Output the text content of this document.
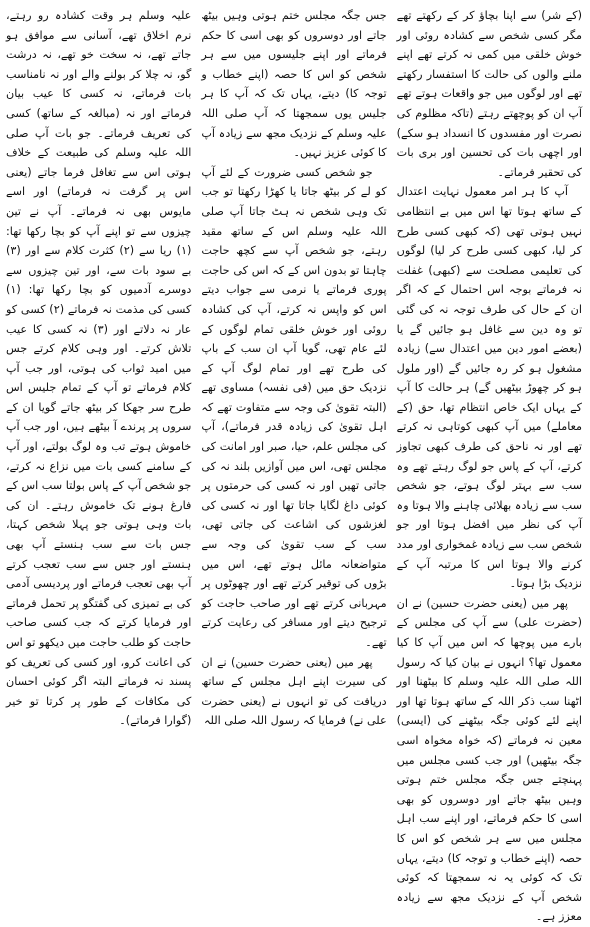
(کے شر) سے اپنا بچاؤ کر کے رکھتے تھے مگر کسی شخص سے کشادہ روئی اور خوش خلقی میں کمی نہ کرتے تھے اپنے ملنے والوں کی حالت کا استفسار رکھتے تھے اور لوگوں میں جو واقعات ہوتے تھے آپ ان کو پوچھتے رہتے (تاکہ مظلوم کی نصرت اور مفسدوں کا انسداد ہو سکے) اور اچھی بات کی تحسین اور بری بات کی تحقیر فرماتے۔

آپ کا ہر امر معمول نہایت اعتدال کے ساتھ ہوتا تھا اس میں بے انتظامی نہیں ہوتی تھی (کہ کبھی کسی طرح کر لیا، کبھی کسی طرح کر لیا) لوگوں کی تعلیمی مصلحت سے (کبھی) غفلت نہ فرماتے بوجہ اس احتمال کے کہ اگر ان کے حال کی طرف توجہ نہ کی گئی تو وہ دین سے غافل ہو جائیں گے یا (بعضے امور دین میں اعتدال سے) زیادہ مشغول ہو کر رہ جائیں گے (اور ملول ہو کر چھوڑ بیٹھیں گے) ہر حالت کا آپ کے یہاں ایک خاص انتظام تھا، حق (کے معاملے) میں آپ کبھی کوتاہی نہ کرتے تھے اور نہ ناحق کی طرف کبھی تجاوز کرتے، آپ کے پاس جو لوگ رہتے تھے وہ سب سے بہتر لوگ ہوتے، جو شخص سب سے زیادہ بھلائی چاہنے والا ہوتا وہ آپ کی نظر میں افضل ہوتا اور جو شخص سب سے زیادہ غمخواری اور مدد کرنے والا ہوتا اس کا مرتبہ آپ کے نزدیک بڑا ہوتا۔

پھر میں (یعنی حضرت حسین) نے ان (حضرت علی) سے آپ کی مجلس کے بارے میں پوچھا کہ اس میں آپ کا کیا معمول تھا؟ انہوں نے بیان کیا کہ رسول اللہ صلی اللہ علیہ وسلم کا بیٹھنا اور اٹھنا سب ذکر اللہ کے ساتھ ہوتا تھا اور اپنے لئے کوئی جگہ بیٹھنے کی (ایسی) معین نہ فرماتے (کہ خواہ مخواہ اسی جگہ بیٹھیں) اور جب کسی مجلس میں پہنچتے جس جگہ مجلس ختم ہوتی وہیں بیٹھ جاتے اور دوسروں کو بھی اسی کا حکم فرماتے، اور اپنے سب اہل مجلس میں سے ہر شخص کو اس کا حصہ (اپنے خطاب و توجہ کا) دیتے، یہاں تک کہ کوئی یہ نہ سمجھتا کہ کوئی شخص آپ کے نزدیک مجھ سے زیادہ معزز ہے۔

جس جگہ مجلس ختم ہوتی وہیں بیٹھ جاتے اور دوسروں کو بھی اسی کا حکم فرماتے اور اپنے جلیسوں میں سے ہر شخص کو اس کا حصہ (اپنے خطاب و توجہ کا) دیتے، یہاں تک کہ آپ کا ہر جلیس یوں سمجھتا کہ آپ صلی اللہ علیہ وسلم کے نزدیک مجھ سے زیادہ آپ کا کوئی عزیز نہیں۔

جو شخص کسی ضرورت کے لئے آپ کو لے کر بیٹھ جاتا یا کھڑا رکھتا تو جب تک وہی شخص نہ ہٹ جاتا آپ صلی اللہ علیہ وسلم اس کے ساتھ مقید رہتے، جو شخص آپ سے کچھ حاجت چاہتا تو بدون اس کے کہ اس کی حاجت پوری فرماتے یا نرمی سے جواب دیتے اس کو واپس نہ کرتے، آپ کی کشادہ روئی اور خوش خلقی تمام لوگوں کے لئے عام تھی، گویا آپ ان سب کے باپ کی طرح تھے اور تمام لوگ آپ کے نزدیک حق میں (فی نفسہ) مساوی تھے (البتہ تقویٰ کی وجہ سے متفاوت تھے کہ اہل تقویٰ کی زیادہ قدر فرماتے)، آپ کی مجلس علم، حیا، صبر اور امانت کی مجلس تھی، اس میں آوازیں بلند نہ کی جاتی تھیں اور نہ کسی کی حرمتوں پر کوئی داغ لگایا جاتا تھا اور نہ کسی کی لغزشوں کی اشاعت کی جاتی تھی، سب کے سب تقویٰ کی وجہ سے متواضعانہ مائل ہوتے تھے، اس میں بڑوں کی توقیر کرتے تھے اور چھوٹوں پر مہربانی کرتے تھے اور صاحب حاجت کو ترجیح دیتے اور مسافر کی رعایت کرتے تھے۔

پھر میں (یعنی حضرت حسین) نے ان کی سیرت اپنے اہل مجلس کے ساتھ دریافت کی تو انہوں نے (یعنی حضرت علی نے) فرمایا کہ رسول اللہ صلی اللہ

علیہ وسلم ہر وقت کشادہ رو رہتے، نرم اخلاق تھے، آسانی سے موافق ہو جاتے تھے، نہ سخت خو تھے، نہ درشت گو، نہ چلا کر بولنے والے اور نہ نامناسب بات فرماتے، نہ کسی کا عیب بیان فرماتے اور نہ (مبالغہ کے ساتھ) کسی کی تعریف فرماتے۔ جو بات آپ صلی اللہ علیہ وسلم کی طبیعت کے خلاف ہوتی اس سے تغافل فرما جاتے (یعنی اس پر گرفت نہ فرماتے) اور اسے مایوس بھی نہ فرماتے۔ آپ نے تین چیزوں سے تو اپنے آپ کو بچا رکھا تھا: (۱) ریا سے (۲) کثرت کلام سے اور (۳) بے سود بات سے، اور تین چیزوں سے دوسرے آدمیوں کو بچا رکھا تھا: (۱) کسی کی مذمت نہ فرماتے (۲) کسی کو عار نہ دلاتے اور (۳) نہ کسی کا عیب تلاش کرتے۔ اور وہی کلام کرتے جس میں امید ثواب کی ہوتی، اور جب آپ کلام فرماتے تو آپ کے تمام جلیس اس طرح سر جھکا کر بیٹھ جاتے گویا ان کے سروں پر پرندے آ بیٹھے ہیں، اور جب آپ خاموش ہوتے تب وہ لوگ بولتے، اور آپ کے سامنے کسی بات میں نزاع نہ کرتے، جو شخص آپ کے پاس بولتا سب اس کے فارغ ہونے تک خاموش رہتے۔ ان کی بات وہی ہوتی جو پہلا شخص کہتا، جس بات سے سب ہنستے آپ بھی ہنستے اور جس سے سب تعجب کرتے آپ بھی تعجب فرماتے اور پردیسی آدمی کی بے تمیزی کی گفتگو پر تحمل فرماتے اور فرمایا کرتے کہ جب کسی صاحب حاجت کو طلب حاجت میں دیکھو تو اس کی اعانت کرو، اور کسی کی تعریف کو پسند نہ فرماتے البتہ اگر کوئی احسان کی مکافات کے طور پر کرتا تو خیر (گوارا فرماتے)۔
